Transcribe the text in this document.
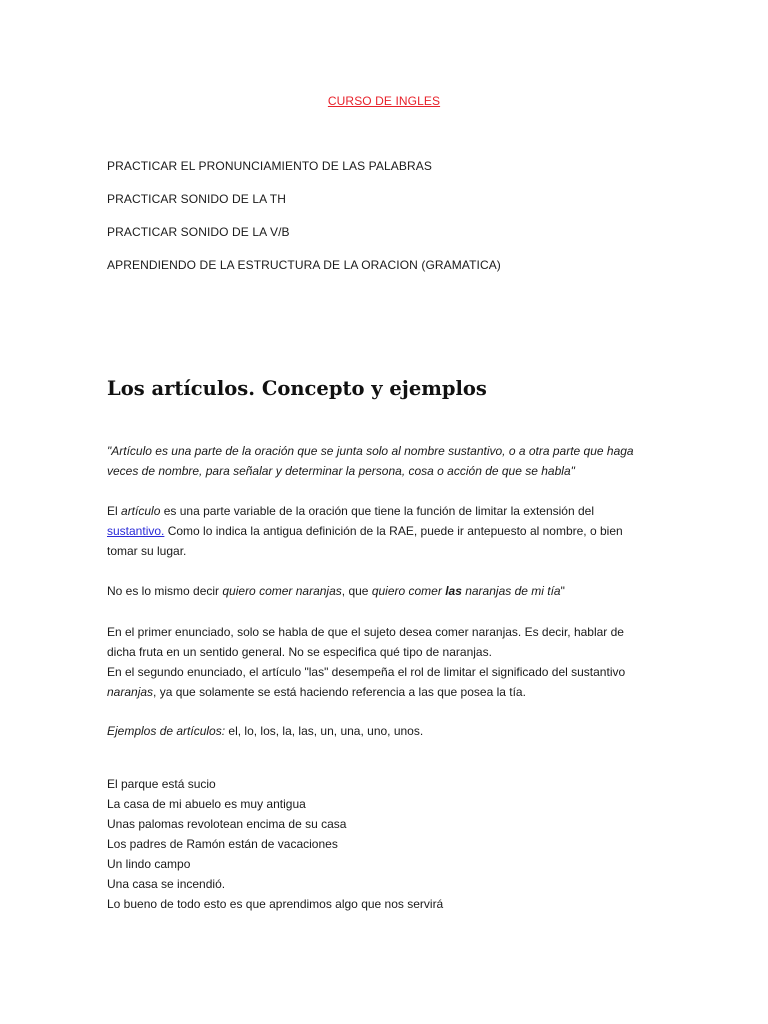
CURSO DE INGLES
PRACTICAR EL PRONUNCIAMIENTO DE LAS PALABRAS
PRACTICAR SONIDO DE LA TH
PRACTICAR SONIDO DE LA V/B
APRENDIENDO DE LA ESTRUCTURA DE LA ORACION (GRAMATICA)
Los artículos. Concepto y ejemplos
"Artículo es una parte de la oración que se junta solo al nombre sustantivo, o a otra parte que haga
veces de nombre, para señalar y determinar la persona, cosa o acción de que se habla"
El artículo es una parte variable de la oración que tiene la función de limitar la extensión del
sustantivo. Como lo indica la antigua definición de la RAE, puede ir antepuesto al nombre, o bien
tomar su lugar.
No es lo mismo decir quiero comer naranjas, que quiero comer las naranjas de mi tía"
En el primer enunciado, solo se habla de que el sujeto desea comer naranjas. Es decir, hablar de
dicha fruta en un sentido general. No se especifica qué tipo de naranjas.
En el segundo enunciado, el artículo "las" desempeña el rol de limitar el significado del sustantivo
naranjas, ya que solamente se está haciendo referencia a las que posea la tía.
Ejemplos de artículos: el, lo, los, la, las, un, una, uno, unos.
El parque está sucio
La casa de mi abuelo es muy antigua
Unas palomas revolotean encima de su casa
Los padres de Ramón están de vacaciones
Un lindo campo
Una casa se incendió.
Lo bueno de todo esto es que aprendimos algo que nos servirá
